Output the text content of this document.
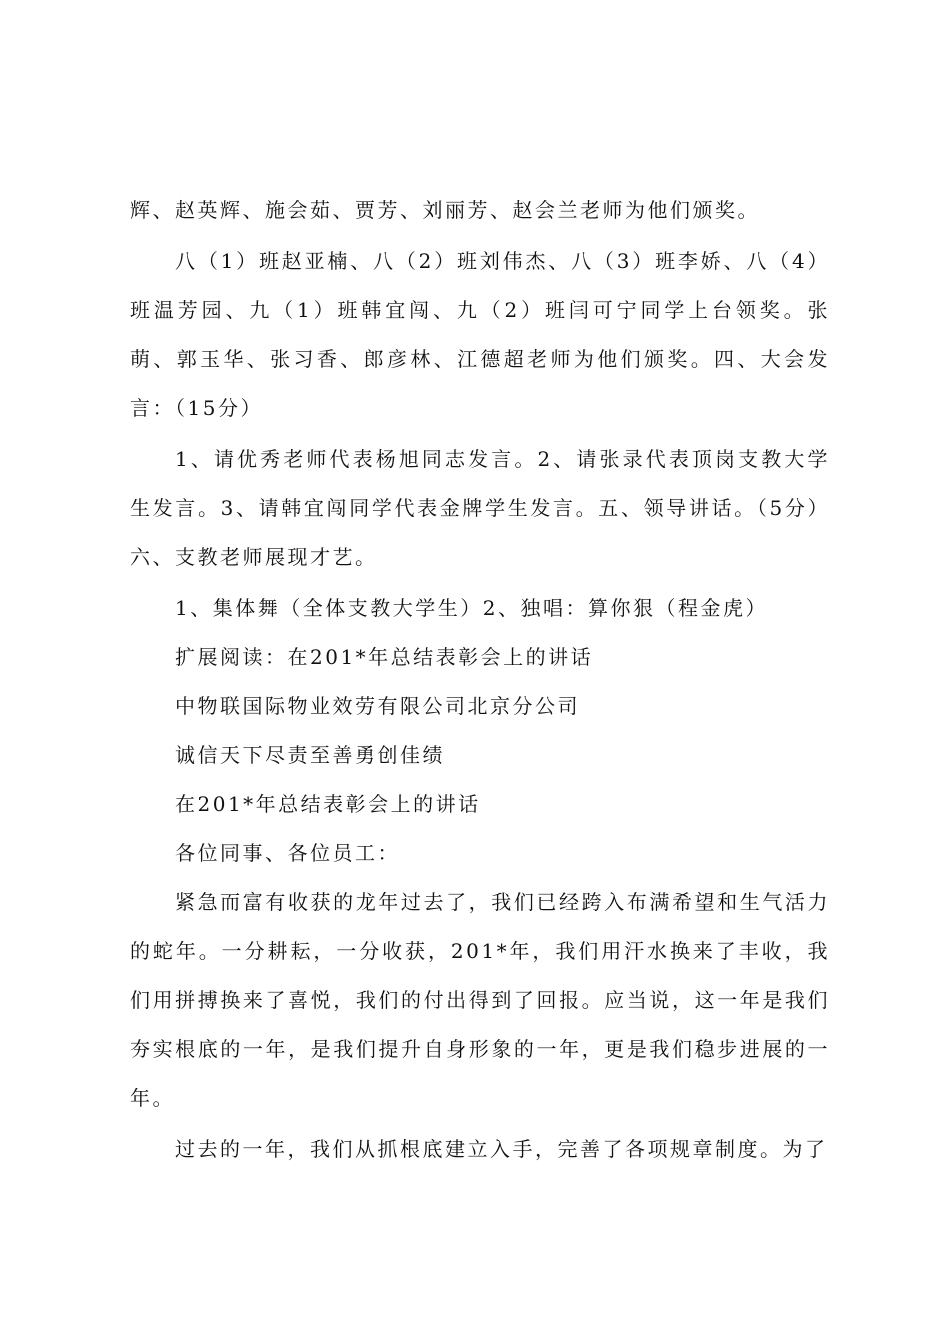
辉、赵英辉、施会茹、贾芳、刘丽芳、赵会兰老师为他们颁奖。

八（1）班赵亚楠、八（2）班刘伟杰、八（3）班李娇、八（4）班温芳园、九（1）班韩宜闯、九（2）班闫可宁同学上台领奖。张萌、郭玉华、张习香、郎彦林、江德超老师为他们颁奖。四、大会发言：（15分）

1、请优秀老师代表杨旭同志发言。2、请张录代表顶岗支教大学生发言。3、请韩宜闯同学代表金牌学生发言。五、领导讲话。（5分）六、支教老师展现才艺。

1、集体舞（全体支教大学生）2、独唱：算你狠（程金虎）

扩展阅读：在201*年总结表彰会上的讲话

中物联国际物业效劳有限公司北京分公司

诚信天下尽责至善勇创佳绩

在201*年总结表彰会上的讲话

各位同事、各位员工：

紧急而富有收获的龙年过去了，我们已经跨入布满希望和生气活力的蛇年。一分耕耘，一分收获，201*年，我们用汗水换来了丰收，我们用拼搏换来了喜悦，我们的付出得到了回报。应当说，这一年是我们夯实根底的一年，是我们提升自身形象的一年，更是我们稳步进展的一年。

过去的一年，我们从抓根底建立入手，完善了各项规章制度。为了
